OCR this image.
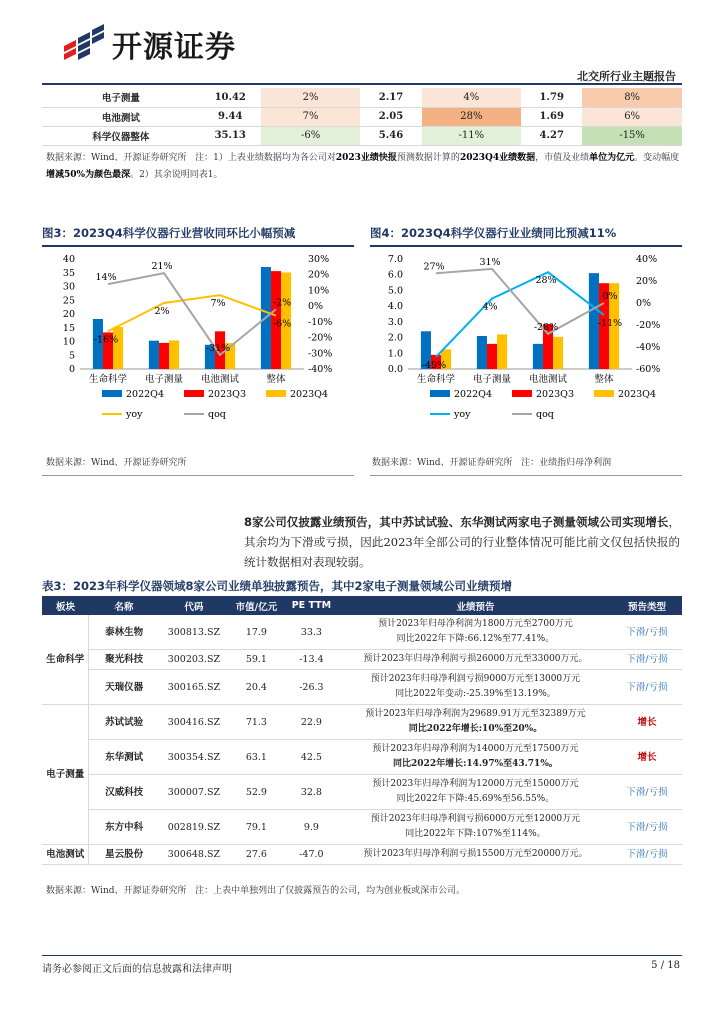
开源证券
北交所行业主题报告
电子测量	10.42	2%	2.17	4%	1.79	8%
电池测试	9.44	7%	2.05	28%	1.69	6%
科学仪器整体	35.13	-6%	5.46	-11%	4.27	-15%
数据来源：Wind、开源证券研究所 注：1）上表业绩数据均为各公司对2023业绩快报预测数据计算的2023Q4业绩数据，市值及业绩单位为亿元。变动幅度增减50%为颜色最深。2）其余说明同表1。
图3：2023Q4科学仪器行业营收同环比小幅预减
0
5
10
15
20
25
30
35
40
-40%
-30%
-20%
-10%
0%
10%
20%
30%
生命科学 电子测量 电池测试	整体
-16%
2%
7%
-6%
14%
21%
-31%
-2%
2022Q4	2023Q3	2023Q4
yoy	qoq
数据来源：Wind、开源证券研究所
图4：2023Q4科学仪器行业业绩同比预减11%
0.0
1.0
2.0
3.0
4.0
5.0
6.0
7.0
-60%
-40%
-20%
0%
20%
40%
生命科学 电子测量 电池测试	整体
-49%
4%
28%
-11%
27%	31%
-28%
0%
2022Q4	2023Q3	2023Q4
yoy	qoq
数据来源：Wind、开源证券研究所 注：业绩指归母净利润
8家公司仅披露业绩预告，其中苏试试验、东华测试两家电子测量领域公司实现增长，其余均为下滑或亏损，因此2023年全部公司的行业整体情况可能比前文仅包括快报的统计数据相对表现较弱。
表3：2023年科学仪器领域8家公司业绩单独披露预告，其中2家电子测量领域公司业绩预增
板块	名称	代码	市值/亿元	PE TTM	业绩预告	预告类型
生命科学	泰林生物	300813.SZ	17.9	33.3	预计2023年归母净利润为1800万元至2700万元
同比2022年下降:66.12%至77.41%。	下滑/亏损
	聚光科技	300203.SZ	59.1	-13.4	预计2023年归母净利润亏损26000万元至33000万元。	下滑/亏损
	天瑞仪器	300165.SZ	20.4	-26.3	预计2023年归母净利润亏损9000万元至13000万元
同比2022年变动:-25.39%至13.19%。	下滑/亏损
电子测量	苏试试验	300416.SZ	71.3	22.9	预计2023年归母净利润为29689.91万元至32389万元
同比2022年增长:10%至20%。	增长
	东华测试	300354.SZ	63.1	42.5	预计2023年归母净利润为14000万元至17500万元
同比2022年增长:14.97%至43.71%。	增长
	汉威科技	300007.SZ	52.9	32.8	预计2023年归母净利润为12000万元至15000万元
同比2022年下降:45.69%至56.55%。	下滑/亏损
	东方中科	002819.SZ	79.1	9.9	预计2023年归母净利润亏损6000万元至12000万元
同比2022年下降:107%至114%。	下滑/亏损
电池测试	星云股份	300648.SZ	27.6	-47.0	预计2023年归母净利润亏损15500万元至20000万元。	下滑/亏损
数据来源：Wind、开源证券研究所 注：上表中单独列出了仅披露预告的公司，均为创业板或深市公司。
请务必参阅正文后面的信息披露和法律声明	5 / 18
